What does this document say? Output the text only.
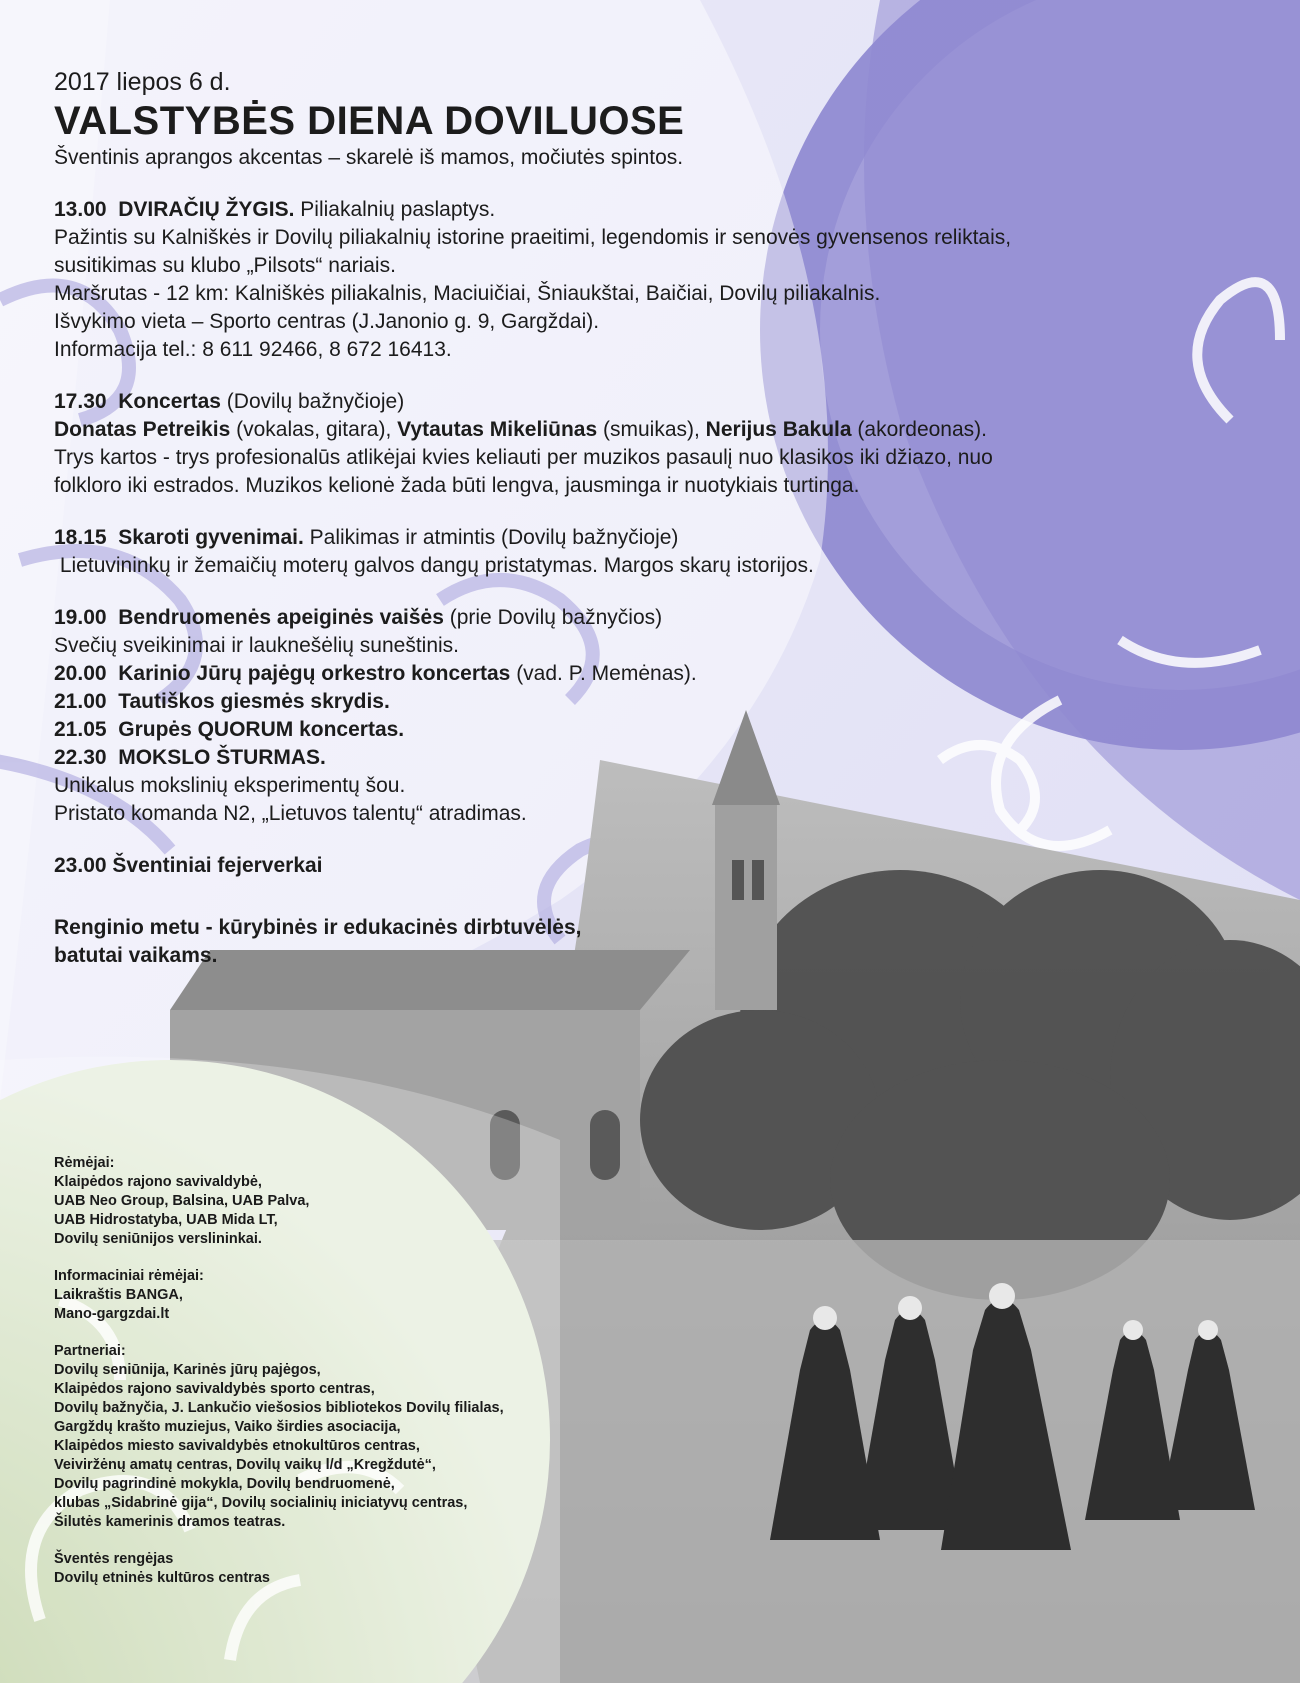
2017 liepos 6 d.
VALSTYBĖS DIENA DOVILUOSE
Šventinis aprangos akcentas – skarelė iš mamos, močiutės spintos.
13.00 DVIRAČIŲ ŽYGIS. Piliakalnių paslaptys.
Pažintis su Kalniškės ir Dovilų piliakalnių istorine praeitimi, legendomis ir senovės gyvensenos reliktais,
susitikimas su klubo „Pilsots“ nariais.
Maršrutas - 12 km: Kalniškės piliakalnis, Maciuičiai, Šniaukštai, Baičiai, Dovilų piliakalnis.
Išvykimo vieta – Sporto centras (J.Janonio g. 9, Gargždai).
Informacija tel.: 8 611 92466, 8 672 16413.
17.30 Koncertas (Dovilų bažnyčioje)
Donatas Petreikis (vokalas, gitara), Vytautas Mikeliūnas (smuikas), Nerijus Bakula (akordeonas).
Trys kartos - trys profesionalūs atlikėjai kvies keliauti per muzikos pasaulį nuo klasikos iki džiazo, nuo
folkloro iki estrados. Muzikos kelionė žada būti lengva, jausminga ir nuotykiais turtinga.
18.15 Skaroti gyvenimai. Palikimas ir atmintis (Dovilų bažnyčioje)
Lietuvininkų ir žemaičių moterų galvos dangų pristatymas. Margos skarų istorijos.
19.00 Bendruomenės apeiginės vaišės (prie Dovilų bažnyčios)
Svečių sveikinimai ir lauknešėlių suneštinis.
20.00 Karinio Jūrų pajėgų orkestro koncertas (vad. P. Memėnas).
21.00 Tautiškos giesmės skrydis.
21.05 Grupės QUORUM koncertas.
22.30 MOKSLO ŠTURMAS.
Unikalus mokslinių eksperimentų šou.
Pristato komanda N2, „Lietuvos talentų“ atradimas.
23.00 Šventiniai fejerverkai
Renginio metu - kūrybinės ir edukacinės dirbtuvėlės,
batutai vaikams.
Rėmėjai:
Klaipėdos rajono savivaldybė,
UAB Neo Group, Balsina, UAB Palva,
UAB Hidrostatyba, UAB Mida LT,
Dovilų seniūnijos verslininkai.
Informaciniai rėmėjai:
Laikraštis BANGA,
Mano-gargzdai.lt
Partneriai:
Dovilų seniūnija, Karinės jūrų pajėgos,
Klaipėdos rajono savivaldybės sporto centras,
Dovilų bažnyčia, J. Lankučio viešosios bibliotekos Dovilų filialas,
Gargždų krašto muziejus, Vaiko širdies asociacija,
Klaipėdos miesto savivaldybės etnokultūros centras,
Veiviržėnų amatų centras, Dovilų vaikų l/d „Kregždutė“,
Dovilų pagrindinė mokykla, Dovilų bendruomenė,
klubas „Sidabrinė gija“, Dovilų socialinių iniciatyvų centras,
Šilutės kamerinis dramos teatras.
Šventės rengėjas
Dovilų etninės kultūros centras
